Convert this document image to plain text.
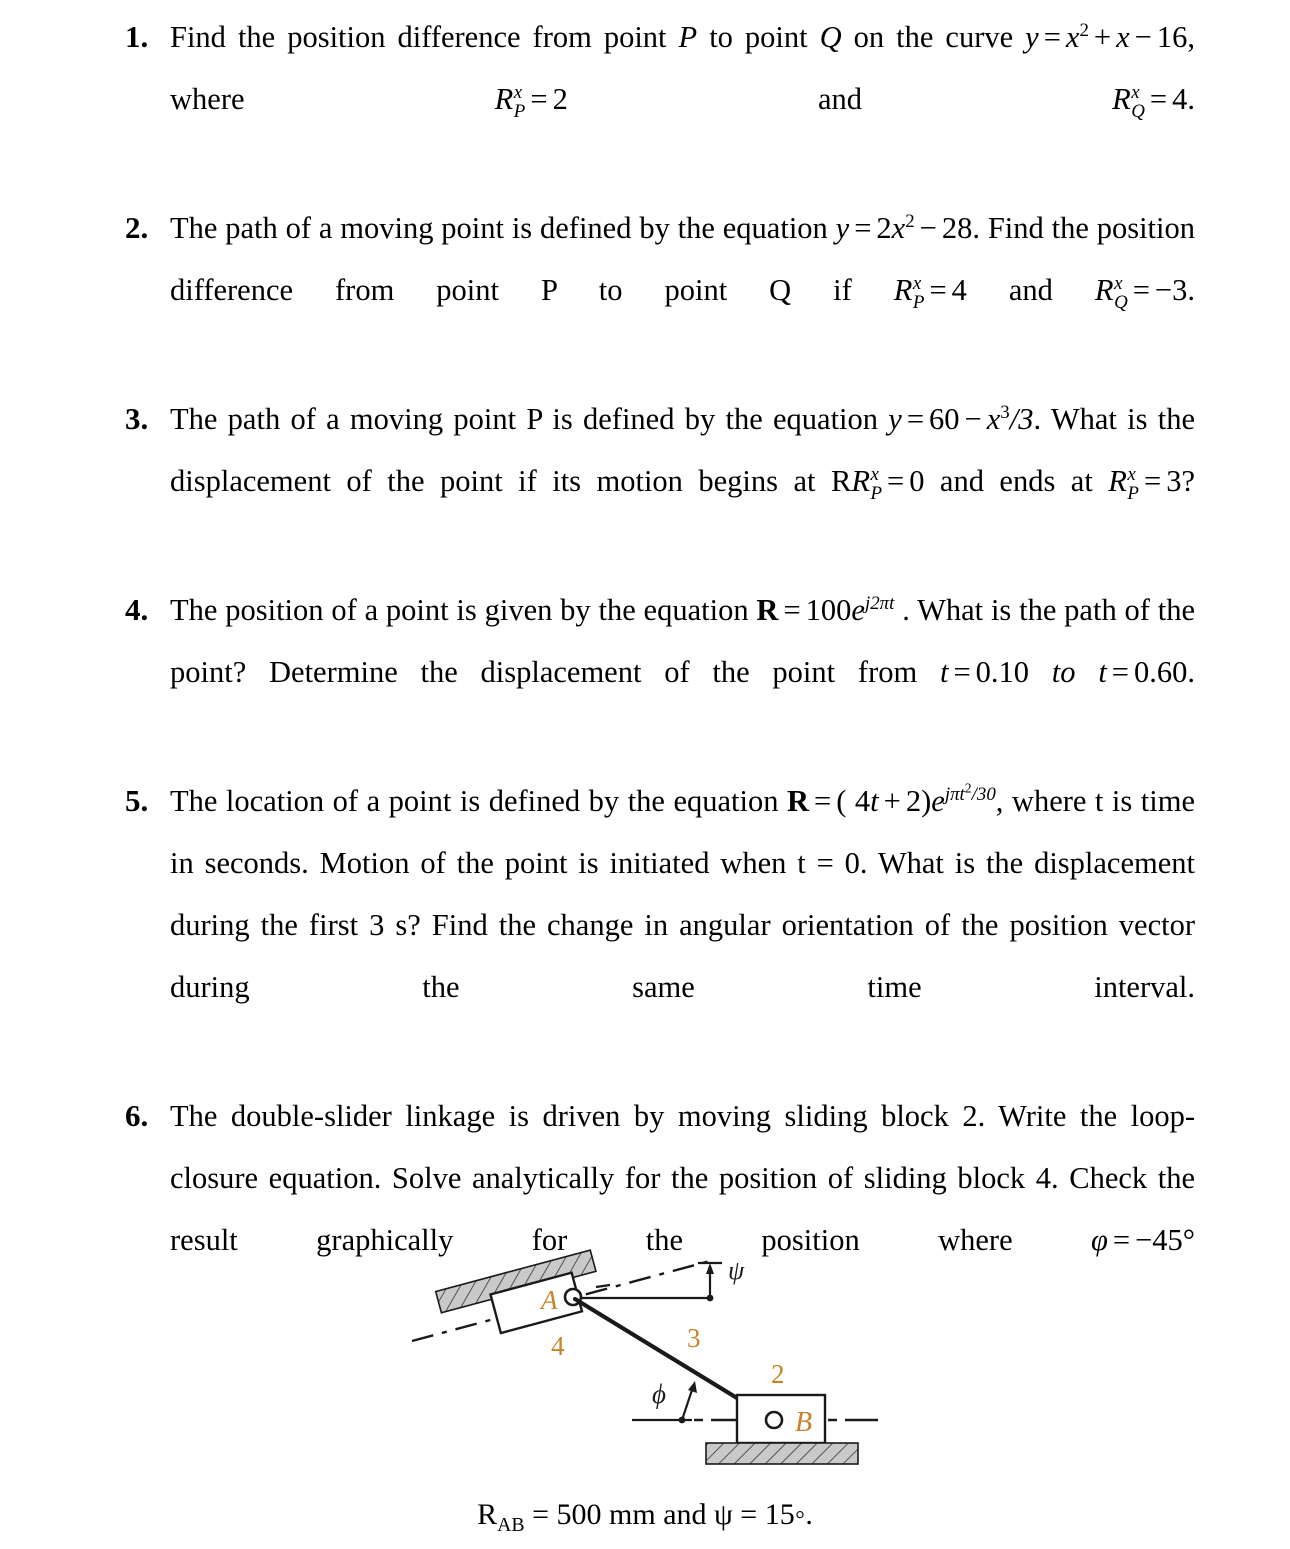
1. Find the position difference from point P to point Q on the curve $y = x^2 + x - 16$, where R x
P = 2 and R x
Q = 4.
2. The path of a moving point is defined by the equation $y = 2x^2 - 28$. Find the position difference from point P to point Q if R x
P = 4 and R x
Q = −3.
3. The path of a moving point P is defined by the equation $y = 60 - x^3/3$. What is the displacement of the point if its motion begins at RR x
P = 0 and ends at R x
P = 3?
4. The position of a point is given by the equation $R = 100e^{j2\pi t}$ . What is the path of the point? Determine the displacement of the point from t = 0.10 to t = 0.60.
5. The location of a point is defined by the equation R = ( $4t + 2)e^{j\pi t^2/30}$, where t is time in seconds. Motion of the point is initiated when t = 0. What is the displacement during the first 3 s? Find the change in angular orientation of the position vector during the same time interval.
6. The double-slider linkage is driven by moving sliding block 2. Write the loop-closure equation. Solve analytically for the position of sliding block 4. Check the result graphically for the position where φ = −45°
ψ
A
4	3
ϕ
B
2
$R_{AB} = 500$ mm and ψ = 15◦.
